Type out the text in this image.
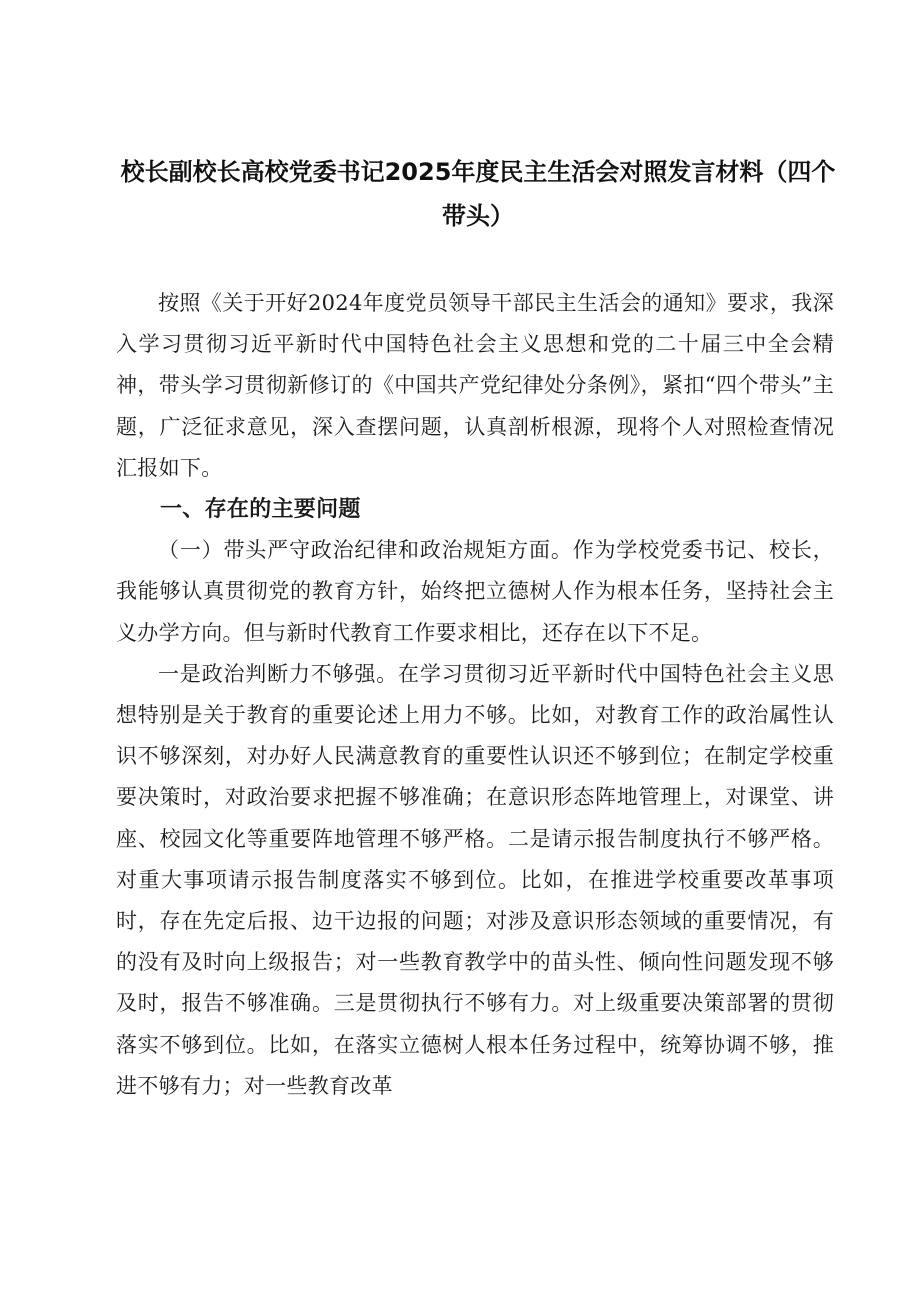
校长副校长高校党委书记2025年度民主生活会对照发言材料（四个带头）

按照《关于开好2024年度党员领导干部民主生活会的通知》要求，我深入学习贯彻习近平新时代中国特色社会主义思想和党的二十届三中全会精神，带头学习贯彻新修订的《中国共产党纪律处分条例》，紧扣“四个带头”主题，广泛征求意见，深入查摆问题，认真剖析根源，现将个人对照检查情况汇报如下。

一、存在的主要问题

（一）带头严守政治纪律和政治规矩方面。作为学校党委书记、校长，我能够认真贯彻党的教育方针，始终把立德树人作为根本任务，坚持社会主义办学方向。但与新时代教育工作要求相比，还存在以下不足。

一是政治判断力不够强。在学习贯彻习近平新时代中国特色社会主义思想特别是关于教育的重要论述上用力不够。比如，对教育工作的政治属性认识不够深刻，对办好人民满意教育的重要性认识还不够到位；在制定学校重要决策时，对政治要求把握不够准确；在意识形态阵地管理上，对课堂、讲座、校园文化等重要阵地管理不够严格。二是请示报告制度执行不够严格。对重大事项请示报告制度落实不够到位。比如，在推进学校重要改革事项时，存在先定后报、边干边报的问题；对涉及意识形态领域的重要情况，有的没有及时向上级报告；对一些教育教学中的苗头性、倾向性问题发现不够及时，报告不够准确。三是贯彻执行不够有力。对上级重要决策部署的贯彻落实不够到位。比如，在落实立德树人根本任务过程中，统筹协调不够，推进不够有力；对一些教育改革
